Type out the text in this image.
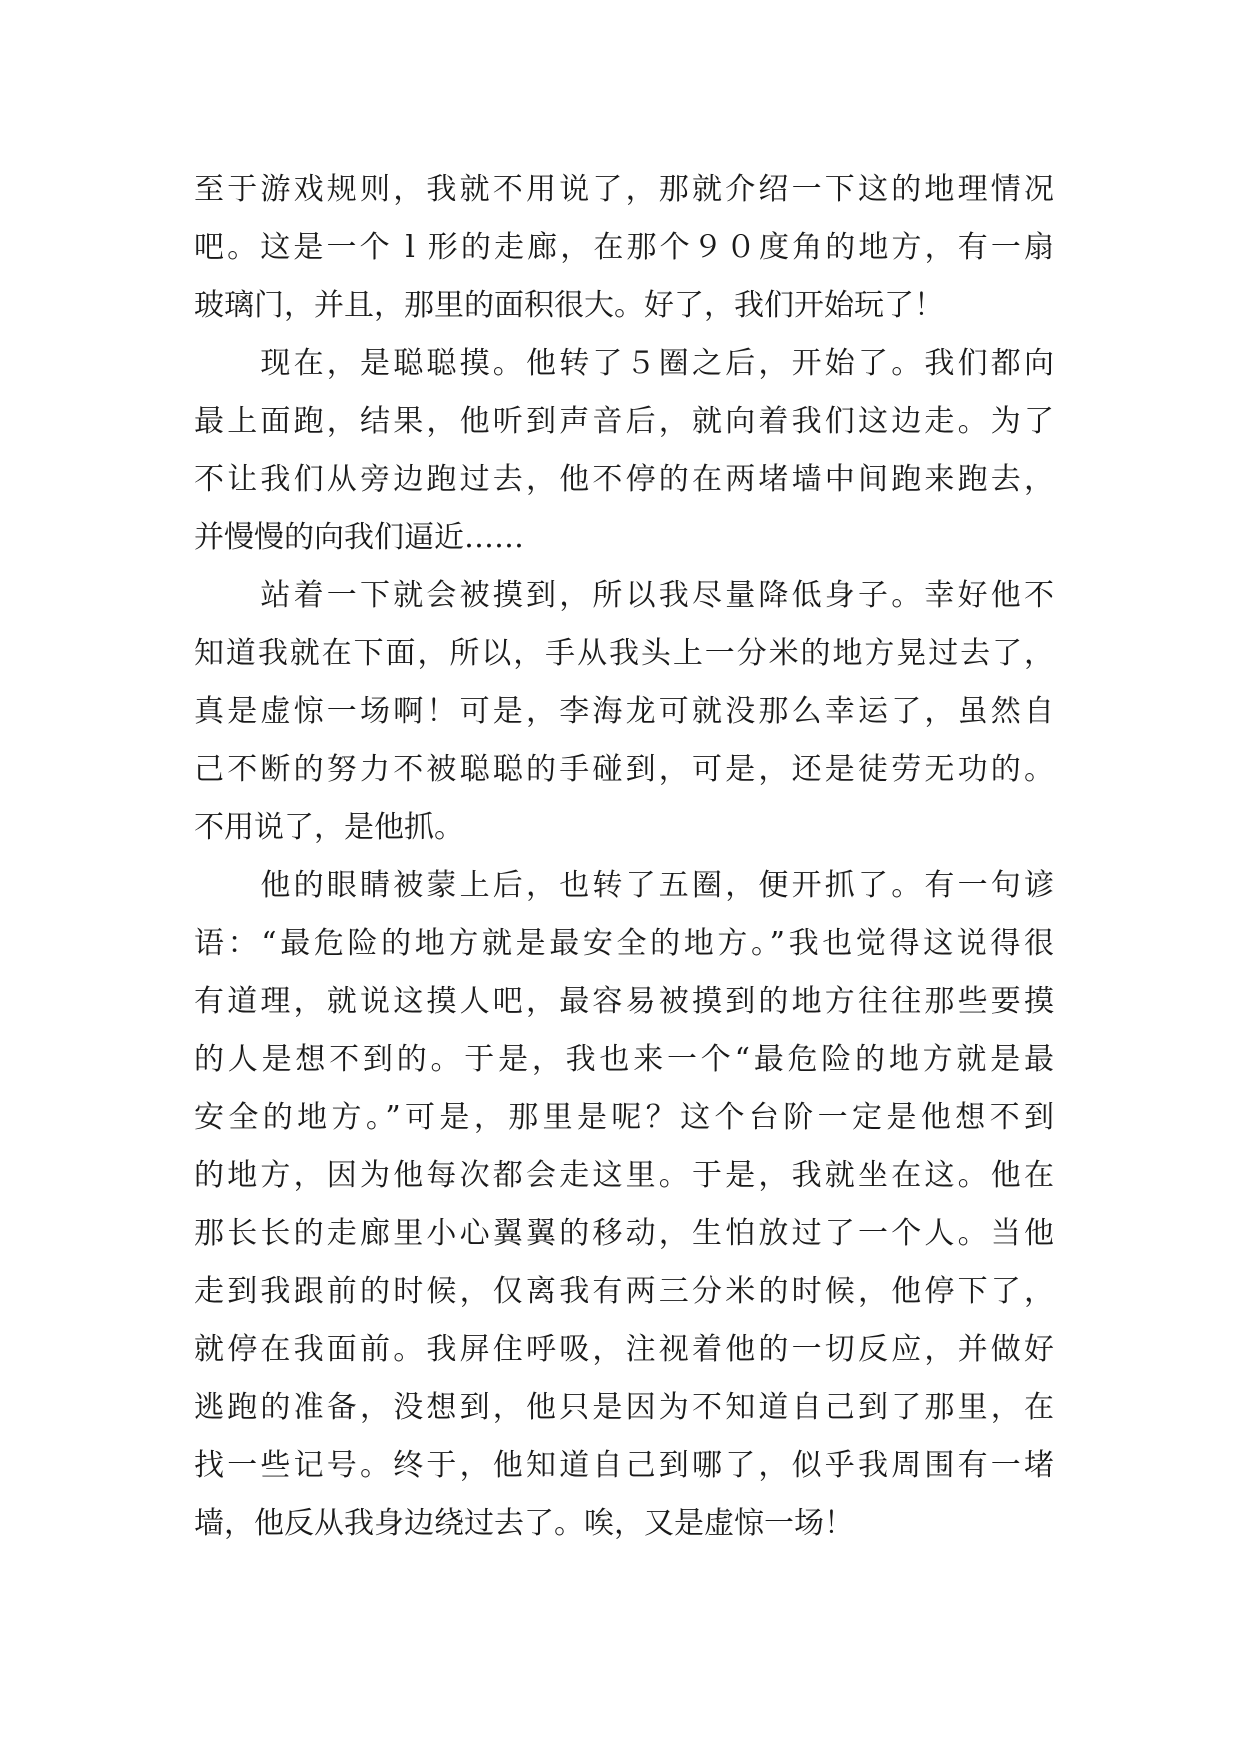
至于游戏规则，我就不用说了，那就介绍一下这的地理情况
吧。这是一个 l 形的走廊，在那个９０度角的地方，有一扇
玻璃门，并且，那里的面积很大。好了，我们开始玩了！
　　现在，是聪聪摸。他转了５圈之后，开始了。我们都向
最上面跑，结果，他听到声音后，就向着我们这边走。为了
不让我们从旁边跑过去，他不停的在两堵墙中间跑来跑去，
并慢慢的向我们逼近……
　　站着一下就会被摸到，所以我尽量降低身子。幸好他不
知道我就在下面，所以，手从我头上一分米的地方晃过去了，
真是虚惊一场啊！可是，李海龙可就没那么幸运了，虽然自
己不断的努力不被聪聪的手碰到，可是，还是徒劳无功的。
不用说了，是他抓。
　　他的眼睛被蒙上后，也转了五圈，便开抓了。有一句谚
语：“最危险的地方就是最安全的地方。”我也觉得这说得很
有道理，就说这摸人吧，最容易被摸到的地方往往那些要摸
的人是想不到的。于是，我也来一个“最危险的地方就是最
安全的地方。”可是，那里是呢？这个台阶一定是他想不到
的地方，因为他每次都会走这里。于是，我就坐在这。他在
那长长的走廊里小心翼翼的移动，生怕放过了一个人。当他
走到我跟前的时候，仅离我有两三分米的时候，他停下了，
就停在我面前。我屏住呼吸，注视着他的一切反应，并做好
逃跑的准备，没想到，他只是因为不知道自己到了那里，在
找一些记号。终于，他知道自己到哪了，似乎我周围有一堵
墙，他反从我身边绕过去了。唉，又是虚惊一场！
